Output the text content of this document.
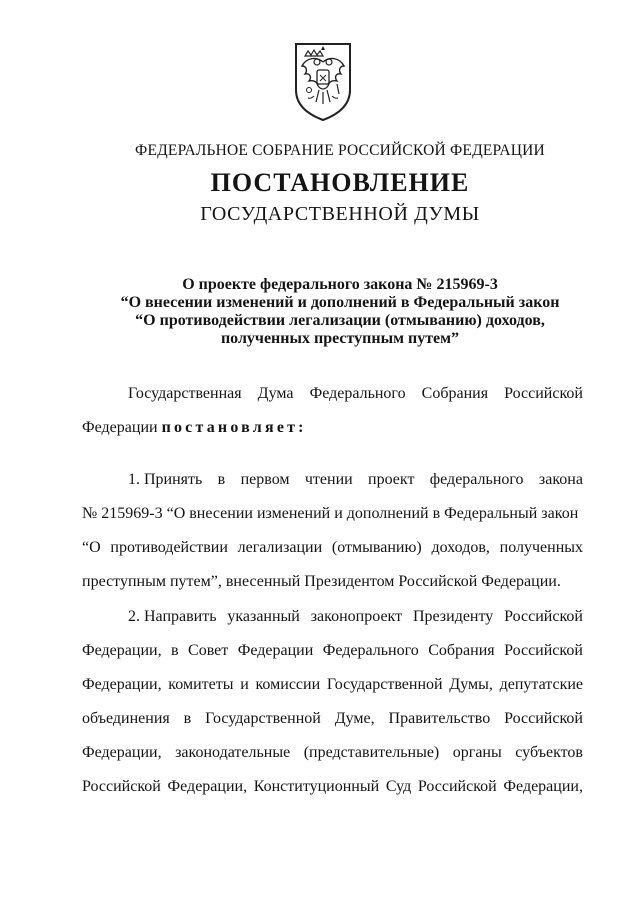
ФЕДЕРАЛЬНОЕ СОБРАНИЕ РОССИЙСКОЙ ФЕДЕРАЦИИ
ПОСТАНОВЛЕНИЕ
ГОСУДАРСТВЕННОЙ ДУМЫ
О проекте федерального закона № 215969-3
“О внесении изменений и дополнений в Федеральный закон
“О противодействии легализации (отмыванию) доходов,
полученных преступным путем”
Государственная Дума Федерального Собрания Российской
Федерации
постановляет:
1. Принять в первом чтении проект федерального закона
№ 215969-3 “О внесении изменений и дополнений в Федеральный закон
“О противодействии легализации (отмыванию) доходов, полученных
преступным путем”, внесенный Президентом Российской Федерации.
2. Направить указанный законопроект Президенту Российской
Федерации, в Совет Федерации Федерального Собрания Российской
Федерации, комитеты и комиссии Государственной Думы, депутатские
объединения в Государственной Думе, Правительство Российской
Федерации, законодательные (представительные) органы субъектов
Российской Федерации, Конституционный Суд Российской Федерации,
